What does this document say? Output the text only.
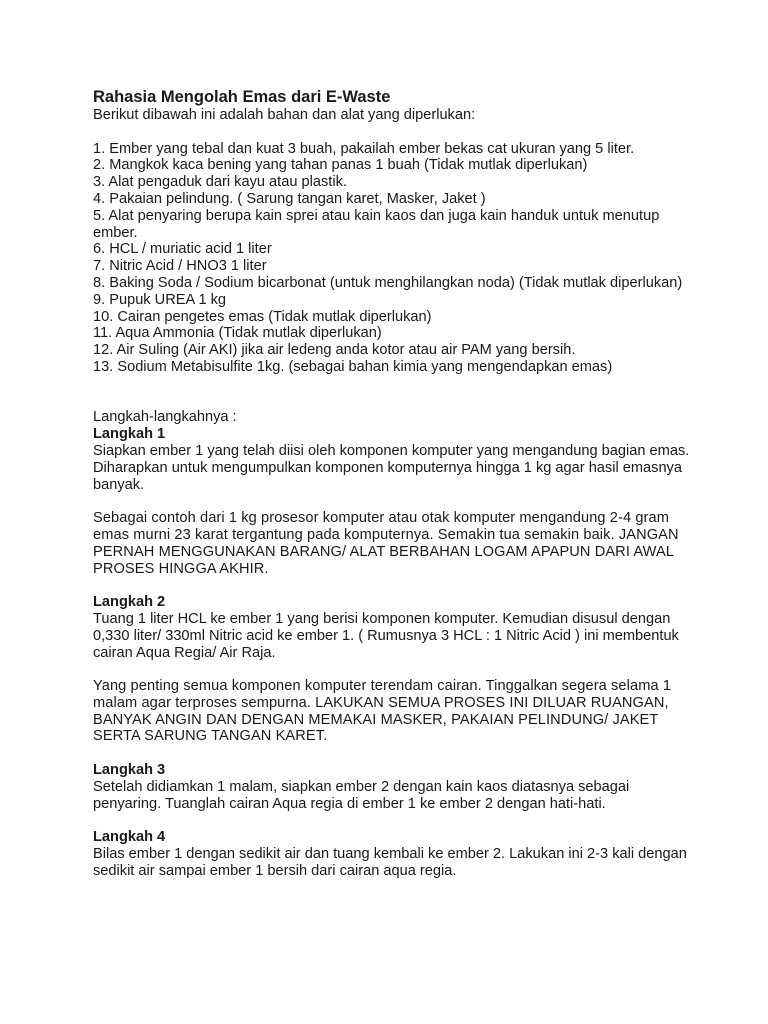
Rahasia Mengolah Emas dari E-Waste

Berikut dibawah ini adalah bahan dan alat yang diperlukan:

1. Ember yang tebal dan kuat 3 buah, pakailah ember bekas cat ukuran yang 5 liter.
2. Mangkok kaca bening yang tahan panas 1 buah (Tidak mutlak diperlukan)
3. Alat pengaduk dari kayu atau plastik.
4. Pakaian pelindung. ( Sarung tangan karet, Masker, Jaket )
5. Alat penyaring berupa kain sprei atau kain kaos dan juga kain handuk untuk menutup ember.
6. HCL / muriatic acid 1 liter
7. Nitric Acid / HNO3 1 liter
8. Baking Soda / Sodium bicarbonat (untuk menghilangkan noda) (Tidak mutlak diperlukan)
9. Pupuk UREA 1 kg
10. Cairan pengetes emas (Tidak mutlak diperlukan)
11. Aqua Ammonia (Tidak mutlak diperlukan)
12. Air Suling (Air AKI) jika air ledeng anda kotor atau air PAM yang bersih.
13. Sodium Metabisulfite 1kg. (sebagai bahan kimia yang mengendapkan emas)

Langkah-langkahnya :

Langkah 1

Siapkan ember 1 yang telah diisi oleh komponen komputer yang mengandung bagian emas. Diharapkan untuk mengumpulkan komponen komputernya hingga 1 kg agar hasil emasnya banyak.

Sebagai contoh dari 1 kg prosesor komputer atau otak komputer mengandung 2-4 gram emas murni 23 karat tergantung pada komputernya. Semakin tua semakin baik. JANGAN PERNAH MENGGUNAKAN BARANG/ ALAT BERBAHAN LOGAM APAPUN DARI AWAL PROSES HINGGA AKHIR.

Langkah 2

Tuang 1 liter HCL ke ember 1 yang berisi komponen komputer. Kemudian disusul dengan 0,330 liter/ 330ml Nitric acid ke ember 1. ( Rumusnya 3 HCL : 1 Nitric Acid ) ini membentuk cairan Aqua Regia/ Air Raja.

Yang penting semua komponen komputer terendam cairan. Tinggalkan segera selama 1 malam agar terproses sempurna. LAKUKAN SEMUA PROSES INI DILUAR RUANGAN, BANYAK ANGIN DAN DENGAN MEMAKAI MASKER, PAKAIAN PELINDUNG/ JAKET SERTA SARUNG TANGAN KARET.

Langkah 3

Setelah didiamkan 1 malam, siapkan ember 2 dengan kain kaos diatasnya sebagai penyaring. Tuanglah cairan Aqua regia di ember 1 ke ember 2 dengan hati-hati.

Langkah 4

Bilas ember 1 dengan sedikit air dan tuang kembali ke ember 2. Lakukan ini 2-3 kali dengan sedikit air sampai ember 1 bersih dari cairan aqua regia.
